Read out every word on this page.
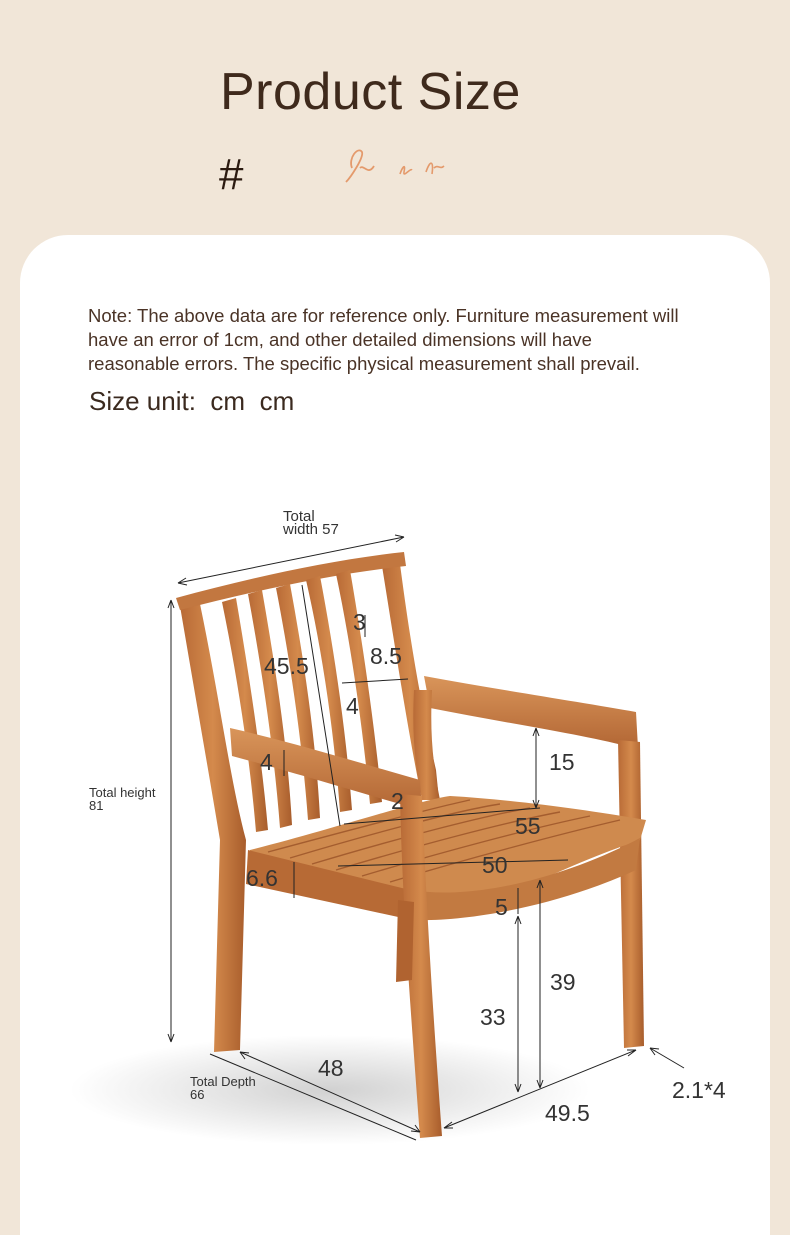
Product Size
#
Note: The above data are for reference only. Furniture measurement will have an error of 1cm, and other detailed dimensions will have reasonable errors. The specific physical measurement shall prevail.
Size unit: cm cm
Total
width 57
Total height
81
45.5
3
8.5
4
4	15
2
55
50
6.6
5
39
33
48
Total Depth
66
49.5
2.1*4
